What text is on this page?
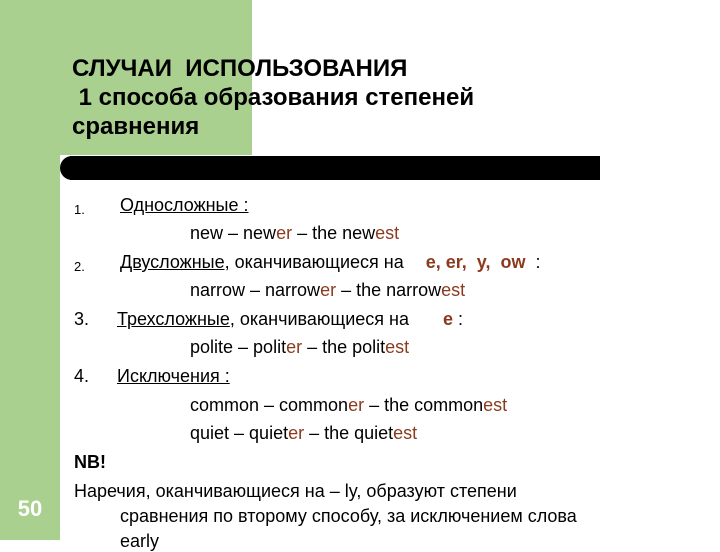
50
СЛУЧАИ  ИСПОЛЬЗОВАНИЯ
1 способа образования степеней
сравнения
1. Односложные :
new – newer – the newest
2. Двусложные, оканчивающиеся на е, er,  y,  ow  :
narrow – narrower – the narrowest
3. Трехсложные, оканчивающиеся на е :
polite – politer – the politest
4. Исключения :
common – commoner – the commonest
quiet – quieter – the quietest
NB!
Наречия, оканчивающиеся на – ly, образуют степени
сравнения по второму способу, за исключением слова
early
